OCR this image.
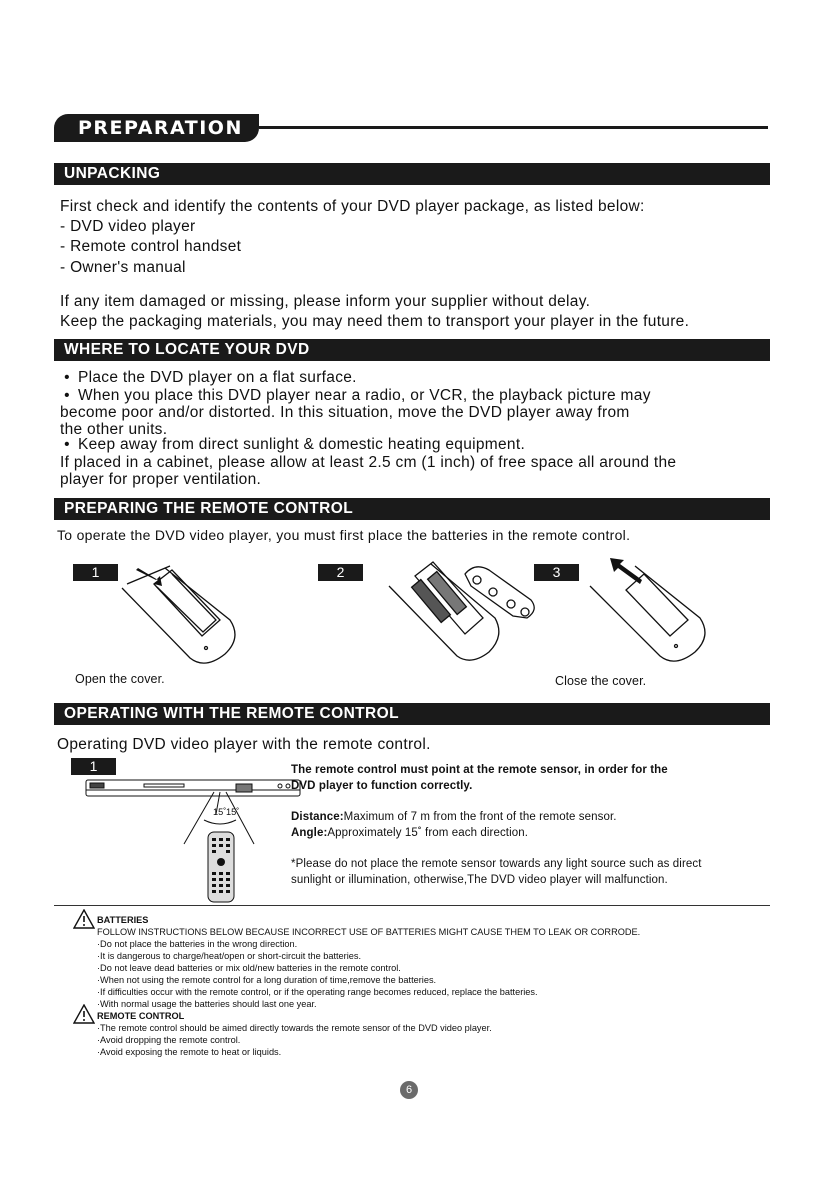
PREPARATION
UNPACKING
First check and identify the contents of your DVD player package, as listed below:
- DVD video player
- Remote control handset
- Owner's manual
If any item damaged or missing, please inform your supplier without delay.
Keep the packaging materials, you may need them to transport your player in the future.
WHERE TO LOCATE YOUR DVD
• Place the DVD player on a flat surface.
• When you place this DVD player near a radio, or VCR, the playback picture may
become poor and/or distorted. In this situation, move the DVD player away from
the other units.
• Keep away from direct sunlight & domestic heating equipment.
If placed in a cabinet, please allow at least 2.5 cm (1 inch) of free space all around the
player for proper ventilation.
PREPARING THE REMOTE CONTROL
To operate the DVD video player, you must first place the batteries in the remote control.
1	2	3
Open the cover.	Close the cover.
OPERATING WITH THE REMOTE CONTROL
Operating DVD video player with the remote control.
1
15˚ 15˚
The remote control must point at the remote sensor, in order for the
DVD player to function correctly.
Distance:Maximum of 7 m from the front of the remote sensor.
Angle:Approximately 15˚ from each direction.
*Please do not place the remote sensor towards any light source such as direct
sunlight or illumination, otherwise,The DVD video player will malfunction.
BATTERIES
FOLLOW INSTRUCTIONS BELOW BECAUSE INCORRECT USE OF BATTERIES MIGHT CAUSE THEM TO LEAK OR CORRODE.
·Do not place the batteries in the wrong direction.
·It is dangerous to charge/heat/open or short-circuit the batteries.
·Do not leave dead batteries or mix old/new batteries in the remote control.
·When not using the remote control for a long duration of time,remove the batteries.
·If difficulties occur with the remote control, or if the operating range becomes reduced, replace the batteries.
·With normal usage the batteries should last one year.
REMOTE CONTROL
·The remote control should be aimed directly towards the remote sensor of the DVD video player.
·Avoid dropping the remote control.
·Avoid exposing the remote to heat or liquids.
6
